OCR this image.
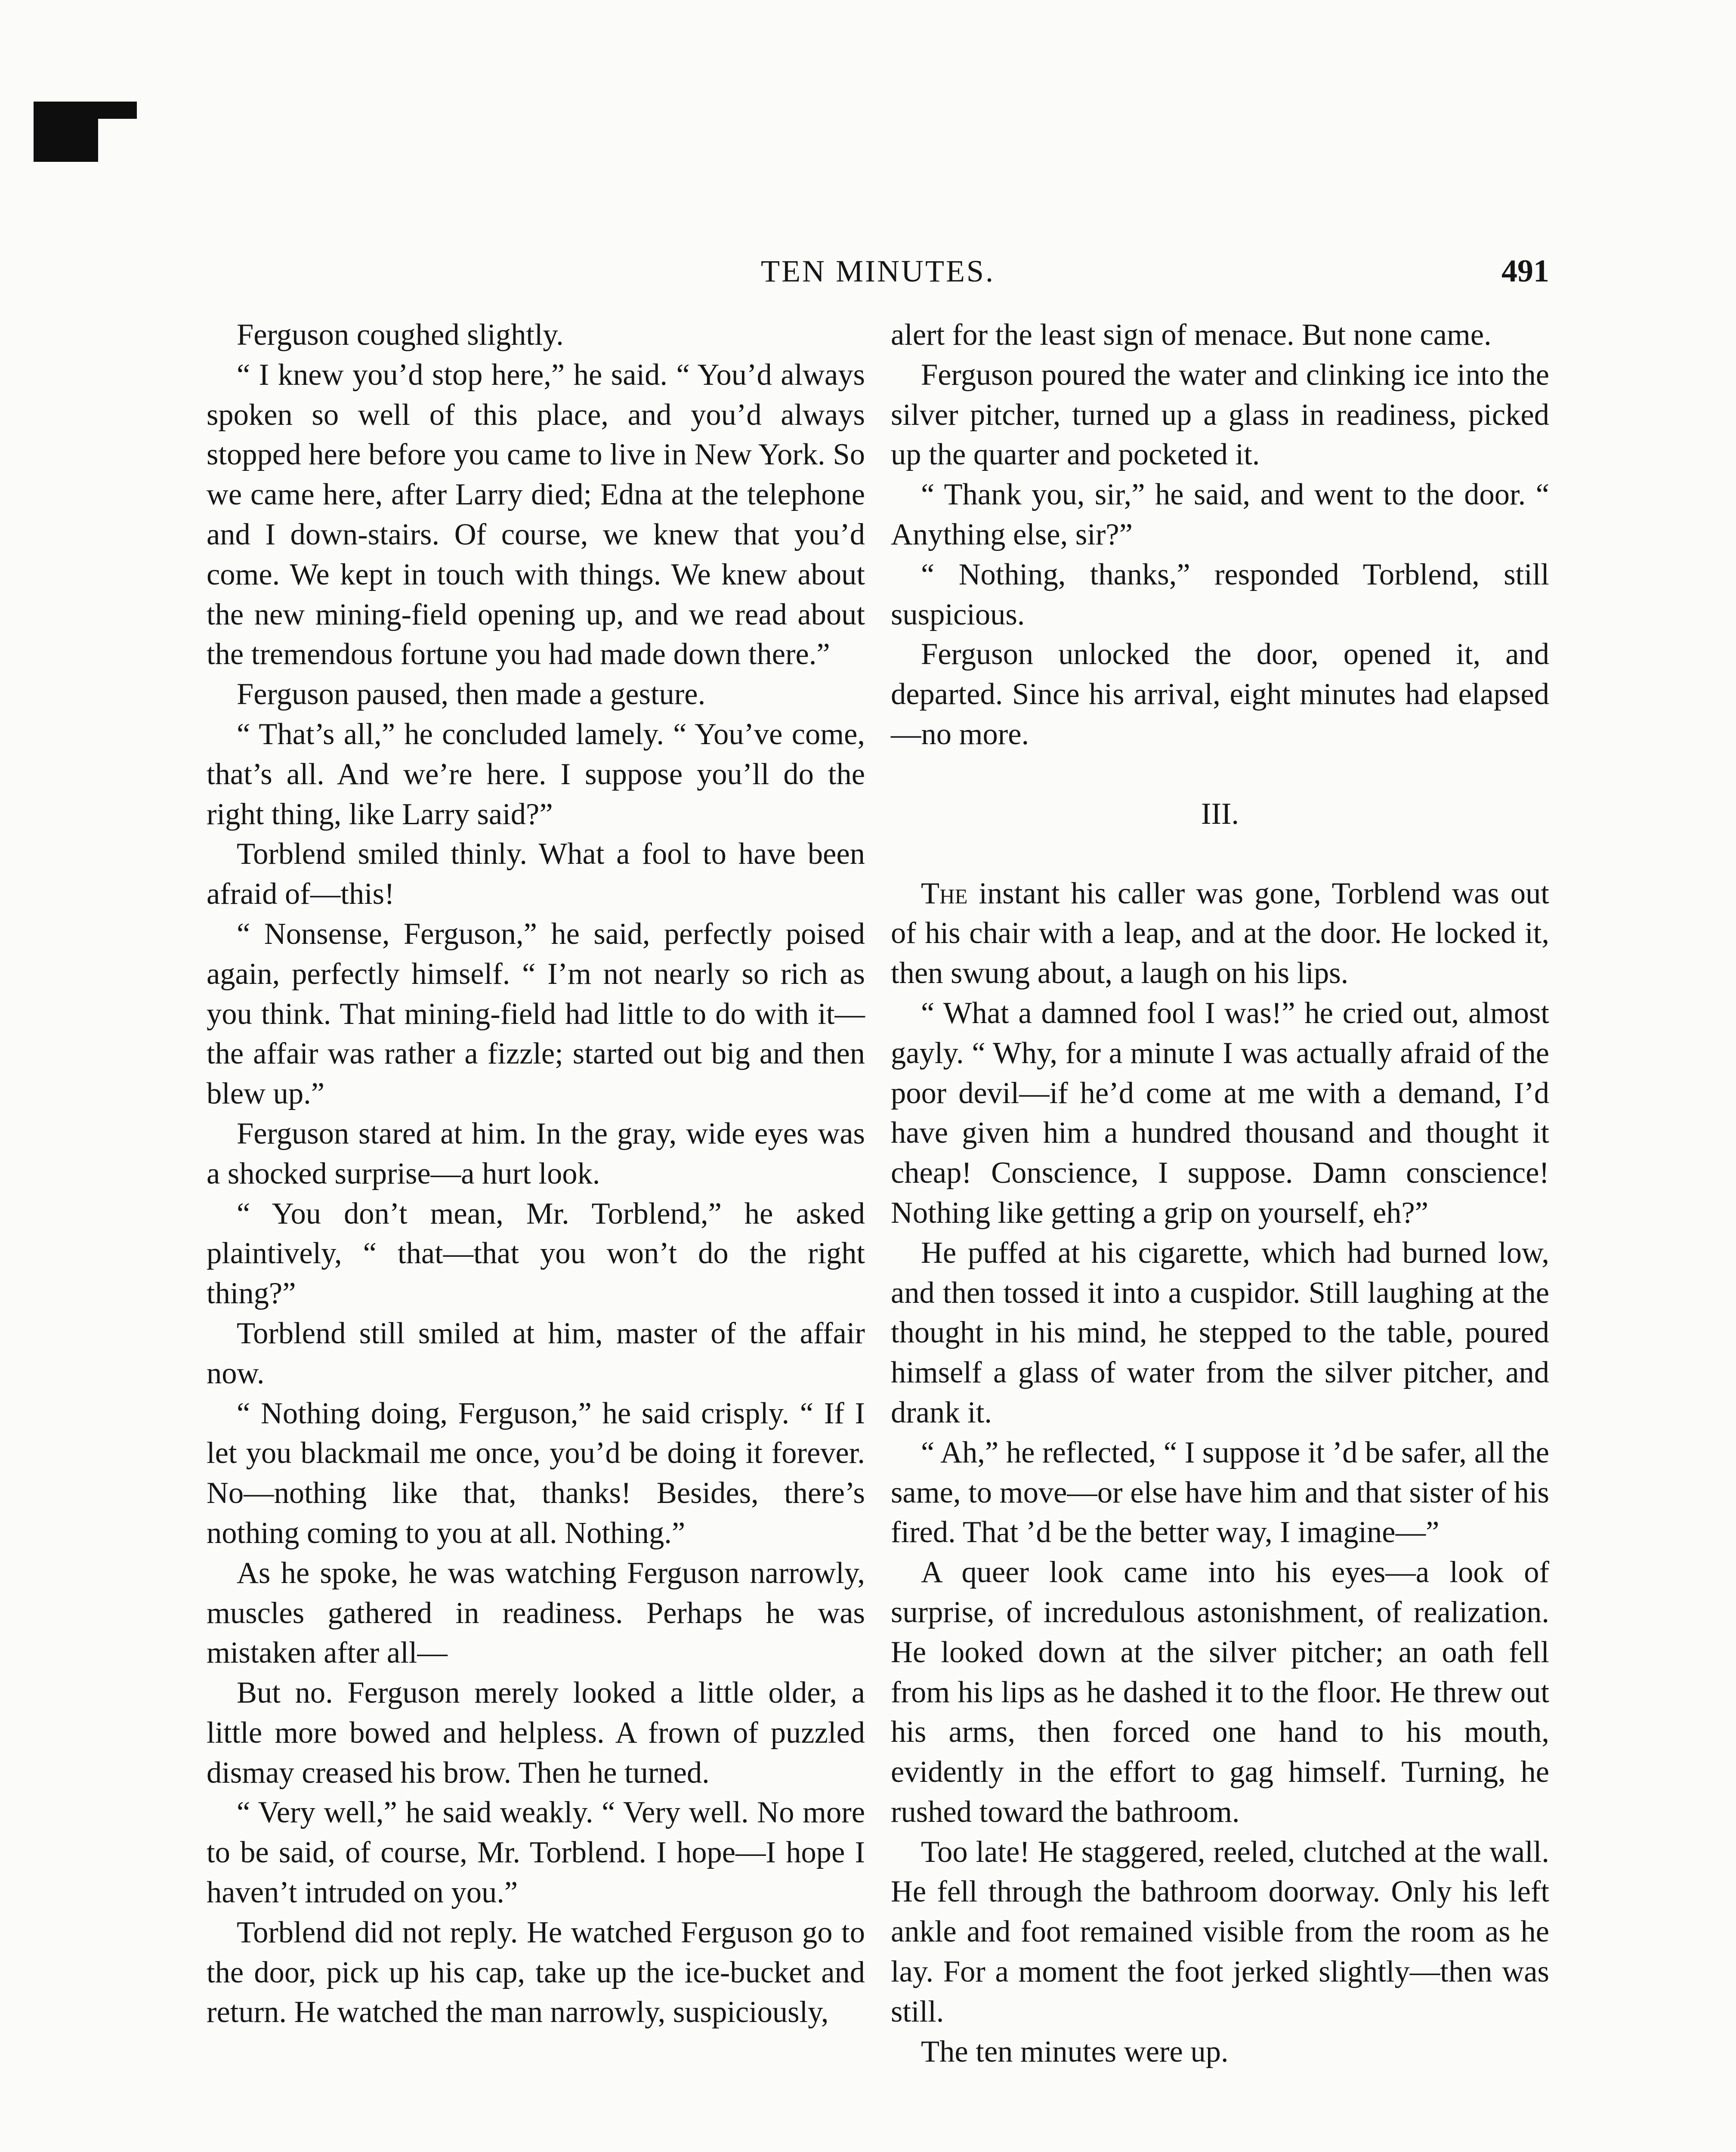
TEN MINUTES.	491

Ferguson coughed slightly.

“ I knew you’d stop here,” he said. “ You’d always spoken so well of this place, and you’d always stopped here before you came to live in New York. So we came here, after Larry died; Edna at the telephone and I down-stairs. Of course, we knew that you’d come. We kept in touch with things. We knew about the new mining-field opening up, and we read about the tremendous fortune you had made down there.”

Ferguson paused, then made a gesture.

“ That’s all,” he concluded lamely. “ You’ve come, that’s all. And we’re here. I suppose you’ll do the right thing, like Larry said?”

Torblend smiled thinly. What a fool to have been afraid of—this!

“ Nonsense, Ferguson,” he said, perfectly poised again, perfectly himself. “ I’m not nearly so rich as you think. That mining-field had little to do with it—the affair was rather a fizzle; started out big and then blew up.”

Ferguson stared at him. In the gray, wide eyes was a shocked surprise—a hurt look.

“ You don’t mean, Mr. Torblend,” he asked plaintively, “ that—that you won’t do the right thing?”

Torblend still smiled at him, master of the affair now.

“ Nothing doing, Ferguson,” he said crisply. “ If I let you blackmail me once, you’d be doing it forever. No—nothing like that, thanks! Besides, there’s nothing coming to you at all. Nothing.”

As he spoke, he was watching Ferguson narrowly, muscles gathered in readiness. Perhaps he was mistaken after all—

But no. Ferguson merely looked a little older, a little more bowed and helpless. A frown of puzzled dismay creased his brow. Then he turned.

“ Very well,” he said weakly. “ Very well. No more to be said, of course, Mr. Torblend. I hope—I hope I haven’t intruded on you.”

Torblend did not reply. He watched Ferguson go to the door, pick up his cap, take up the ice-bucket and return. He watched the man narrowly, suspiciously,

alert for the least sign of menace. But none came.

Ferguson poured the water and clinking ice into the silver pitcher, turned up a glass in readiness, picked up the quarter and pocketed it.

“ Thank you, sir,” he said, and went to the door. “ Anything else, sir?”

“ Nothing, thanks,” responded Torblend, still suspicious.

Ferguson unlocked the door, opened it, and departed. Since his arrival, eight minutes had elapsed—no more.

III.

The instant his caller was gone, Torblend was out of his chair with a leap, and at the door. He locked it, then swung about, a laugh on his lips.

“ What a damned fool I was!” he cried out, almost gayly. “ Why, for a minute I was actually afraid of the poor devil—if he’d come at me with a demand, I’d have given him a hundred thousand and thought it cheap! Conscience, I suppose. Damn conscience! Nothing like getting a grip on yourself, eh?”

He puffed at his cigarette, which had burned low, and then tossed it into a cuspidor. Still laughing at the thought in his mind, he stepped to the table, poured himself a glass of water from the silver pitcher, and drank it.

“ Ah,” he reflected, “ I suppose it ’d be safer, all the same, to move—or else have him and that sister of his fired. That ’d be the better way, I imagine—”

A queer look came into his eyes—a look of surprise, of incredulous astonishment, of realization. He looked down at the silver pitcher; an oath fell from his lips as he dashed it to the floor. He threw out his arms, then forced one hand to his mouth, evidently in the effort to gag himself. Turning, he rushed toward the bathroom.

Too late! He staggered, reeled, clutched at the wall. He fell through the bathroom doorway. Only his left ankle and foot remained visible from the room as he lay. For a moment the foot jerked slightly—then was still.

The ten minutes were up.
